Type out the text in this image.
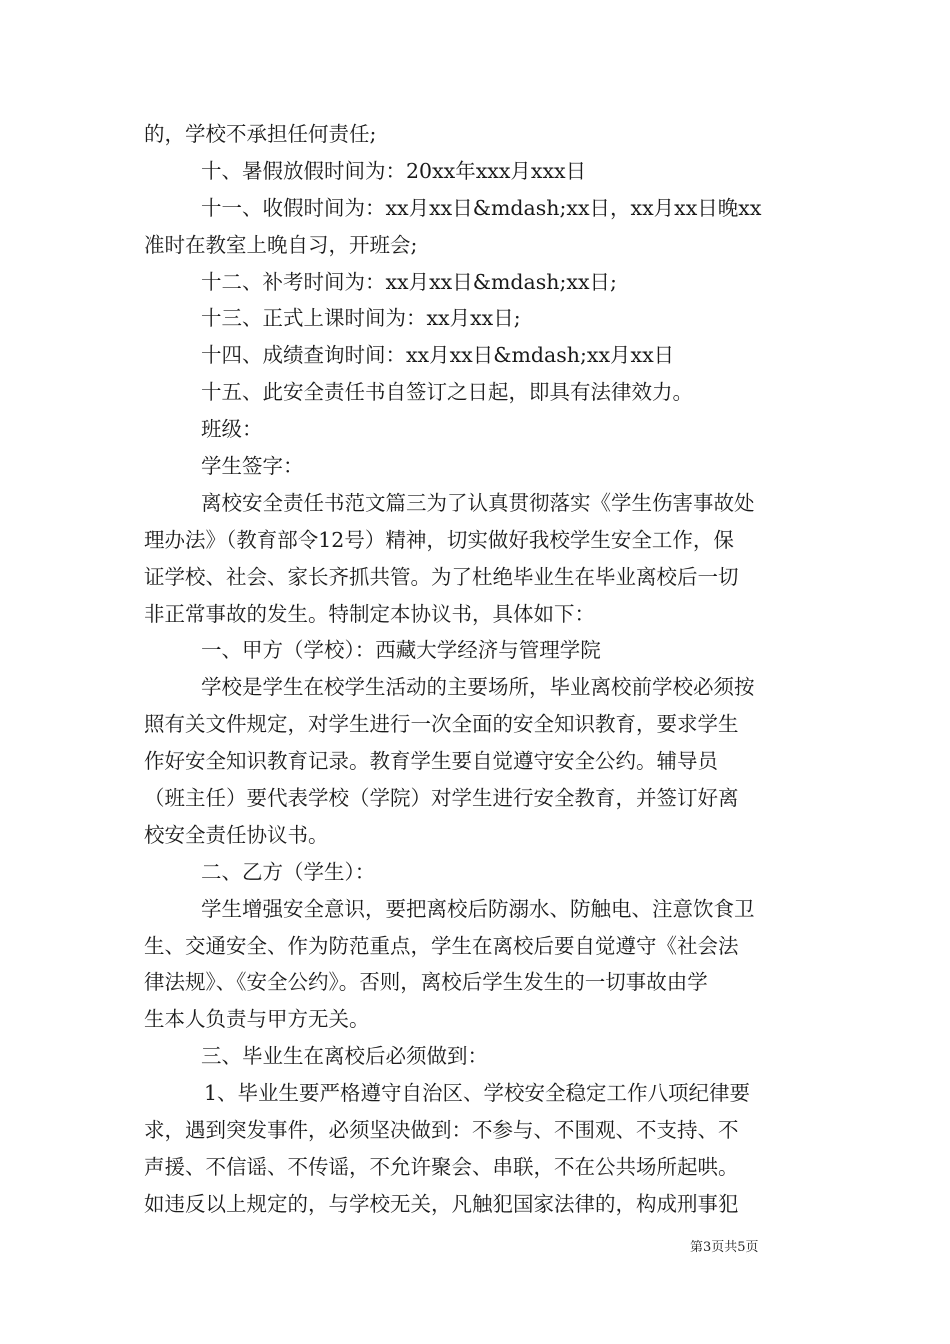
的，学校不承担任何责任;
十、暑假放假时间为：20xx年xxx月xxx日
十一、收假时间为：xx月xx日&mdash;xx日，xx月xx日晚xx
准时在教室上晚自习，开班会;
十二、补考时间为：xx月xx日&mdash;xx日;
十三、正式上课时间为：xx月xx日;
十四、成绩查询时间：xx月xx日&mdash;xx月xx日
十五、此安全责任书自签订之日起，即具有法律效力。
班级：
学生签字：
离校安全责任书范文篇三为了认真贯彻落实《学生伤害事故处
理办法》（教育部令12号）精神，切实做好我校学生安全工作，保
证学校、社会、家长齐抓共管。为了杜绝毕业生在毕业离校后一切
非正常事故的发生。特制定本协议书，具体如下：
一、甲方（学校）：西藏大学经济与管理学院
学校是学生在校学生活动的主要场所，毕业离校前学校必须按
照有关文件规定，对学生进行一次全面的安全知识教育，要求学生
作好安全知识教育记录。教育学生要自觉遵守安全公约。辅导员
（班主任）要代表学校（学院）对学生进行安全教育，并签订好离
校安全责任协议书。
二、乙方（学生）：
学生增强安全意识，要把离校后防溺水、防触电、注意饮食卫
生、交通安全、作为防范重点，学生在离校后要自觉遵守《社会法
律法规》、《安全公约》。否则，离校后学生发生的一切事故由学
生本人负责与甲方无关。
三、毕业生在离校后必须做到：
1、毕业生要严格遵守自治区、学校安全稳定工作八项纪律要
求，遇到突发事件，必须坚决做到：不参与、不围观、不支持、不
声援、不信谣、不传谣，不允许聚会、串联，不在公共场所起哄。
如违反以上规定的，与学校无关，凡触犯国家法律的，构成刑事犯
第3页共5页
